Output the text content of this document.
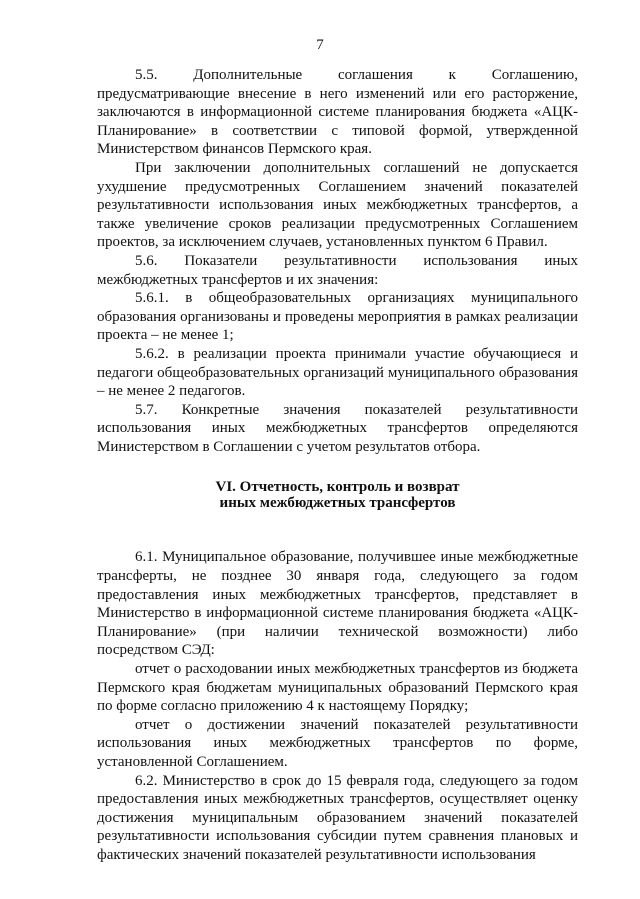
7

5.5. Дополнительные соглашения к Соглашению, предусматривающие внесение в него изменений или его расторжение, заключаются в информационной системе планирования бюджета «АЦК-Планирование» в соответствии с типовой формой, утвержденной Министерством финансов Пермского края.

При заключении дополнительных соглашений не допускается ухудшение предусмотренных Соглашением значений показателей результативности использования иных межбюджетных трансфертов, а также увеличение сроков реализации предусмотренных Соглашением проектов, за исключением случаев, установленных пунктом 6 Правил.

5.6. Показатели результативности использования иных межбюджетных трансфертов и их значения:

5.6.1. в общеобразовательных организациях муниципального образования организованы и проведены мероприятия в рамках реализации проекта – не менее 1;

5.6.2. в реализации проекта принимали участие обучающиеся и педагоги общеобразовательных организаций муниципального образования – не менее 2 педагогов.

5.7. Конкретные значения показателей результативности использования иных межбюджетных трансфертов определяются Министерством в Соглашении с учетом результатов отбора.

VI. Отчетность, контроль и возврат
иных межбюджетных трансфертов

6.1. Муниципальное образование, получившее иные межбюджетные трансферты, не позднее 30 января года, следующего за годом предоставления иных межбюджетных трансфертов, представляет в Министерство в информационной системе планирования бюджета «АЦК-Планирование» (при наличии технической возможности) либо посредством СЭД:

отчет о расходовании иных межбюджетных трансфертов из бюджета Пермского края бюджетам муниципальных образований Пермского края по форме согласно приложению 4 к настоящему Порядку;

отчет о достижении значений показателей результативности использования иных межбюджетных трансфертов по форме, установленной Соглашением.

6.2. Министерство в срок до 15 февраля года, следующего за годом предоставления иных межбюджетных трансфертов, осуществляет оценку достижения муниципальным образованием значений показателей результативности использования субсидии путем сравнения плановых и фактических значений показателей результативности использования
